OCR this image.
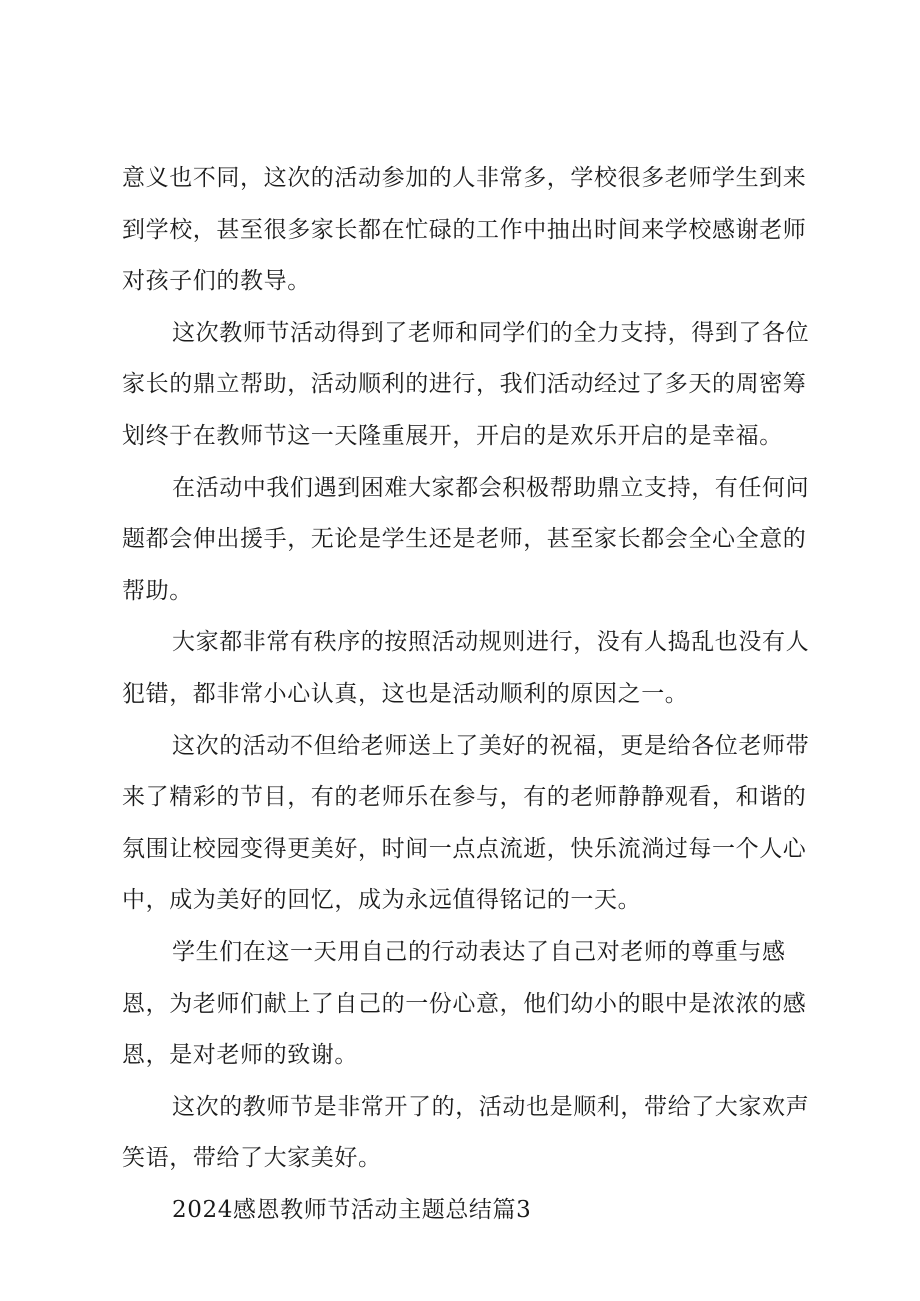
意义也不同，这次的活动参加的人非常多，学校很多老师学生到来到学校，甚至很多家长都在忙碌的工作中抽出时间来学校感谢老师对孩子们的教导。

这次教师节活动得到了老师和同学们的全力支持，得到了各位家长的鼎立帮助，活动顺利的进行，我们活动经过了多天的周密筹划终于在教师节这一天隆重展开，开启的是欢乐开启的是幸福。

在活动中我们遇到困难大家都会积极帮助鼎立支持，有任何问题都会伸出援手，无论是学生还是老师，甚至家长都会全心全意的帮助。

大家都非常有秩序的按照活动规则进行，没有人捣乱也没有人犯错，都非常小心认真，这也是活动顺利的原因之一。

这次的活动不但给老师送上了美好的祝福，更是给各位老师带来了精彩的节目，有的老师乐在参与，有的老师静静观看，和谐的氛围让校园变得更美好，时间一点点流逝，快乐流淌过每一个人心中，成为美好的回忆，成为永远值得铭记的一天。

学生们在这一天用自己的行动表达了自己对老师的尊重与感恩，为老师们献上了自己的一份心意，他们幼小的眼中是浓浓的感恩，是对老师的致谢。

这次的教师节是非常开了的，活动也是顺利，带给了大家欢声笑语，带给了大家美好。

2024感恩教师节活动主题总结篇3
